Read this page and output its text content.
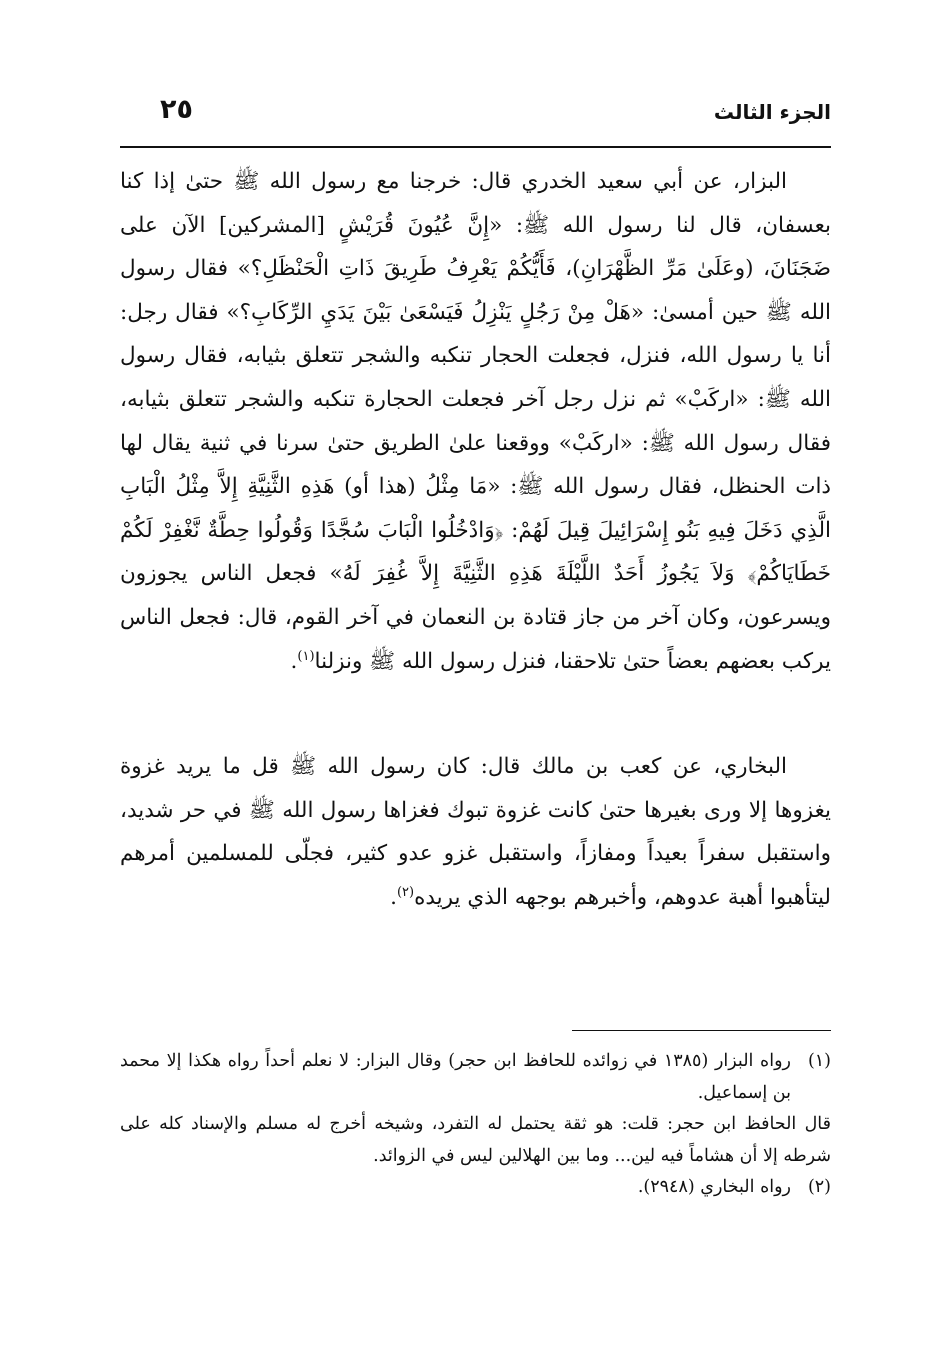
الجزء الثالث
٢٥

البزار، عن أبي سعيد الخدري قال: خرجنا مع رسول الله ﷺ حتىٰ إذا كنا بعسفان، قال لنا رسول الله ﷺ: «إِنَّ عُيُونَ قُرَيْشٍ [المشركين] الآن على ضَجَنَانَ، (وعَلَىٰ مَرِّ الظَّهْرَانِ)، فَأَيُّكُمْ يَعْرِفُ طَرِيقَ ذَاتِ الْحَنْظَلِ؟» فقال رسول الله ﷺ حين أمسىٰ: «هَلْ مِنْ رَجُلٍ يَنْزِلُ فَيَسْعَىٰ بَيْنَ يَدَيِ الرِّكَابِ؟» فقال رجل: أنا يا رسول الله، فنزل، فجعلت الحجار تنكبه والشجر تتعلق بثيابه، فقال رسول الله ﷺ: «اركَبْ» ثم نزل رجل آخر فجعلت الحجارة تنكبه والشجر تتعلق بثيابه، فقال رسول الله ﷺ: «اركَبْ» ووقعنا علىٰ الطريق حتىٰ سرنا في ثنية يقال لها ذات الحنظل، فقال رسول الله ﷺ: «مَا مِثْلُ (هذا أو) هَذِهِ الثَّنِيَّةِ إِلاَّ مِثْلُ الْبَابِ الَّذِي دَخَلَ فِيهِ بَنُو إِسْرَائِيلَ قِيلَ لَهُمْ: ﴿وَادْخُلُوا الْبَابَ سُجَّدًا وَقُولُوا حِطَّةٌ نَّغْفِرْ لَكُمْ خَطَايَاكُمْ﴾ وَلاَ يَجُوزُ أَحَدٌ اللَّيْلَةَ هَذِهِ الثَّنِيَّةَ إِلاَّ غُفِرَ لَهُ» فجعل الناس يجوزون ويسرعون، وكان آخر من جاز قتادة بن النعمان في آخر القوم، قال: فجعل الناس يركب بعضهم بعضاً حتىٰ تلاحقنا، فنزل رسول الله ﷺ ونزلنا$^{(١)}$.

البخاري، عن كعب بن مالك قال: كان رسول الله ﷺ قل ما يريد غزوة يغزوها إلا ورى بغيرها حتىٰ كانت غزوة تبوك فغزاها رسول الله ﷺ في حر شديد، واستقبل سفراً بعيداً ومفازاً، واستقبل غزو عدو كثير، فجلّى للمسلمين أمرهم ليتأهبوا أهبة عدوهم، وأخبرهم بوجهه الذي يريده$^{(٢)}$.

(١)
رواه البزار (١٣٨٥ في زوائده للحافظ ابن حجر) وقال البزار: لا نعلم أحداً رواه هكذا إلا محمد بن إسماعيل.

قال الحافظ ابن حجر: قلت: هو ثقة يحتمل له التفرد، وشيخه أخرج له مسلم والإسناد كله على شرطه إلا أن هشاماً فيه لين... وما بين الهلالين ليس في الزوائد.

(٢)
رواه البخاري (٢٩٤٨).
